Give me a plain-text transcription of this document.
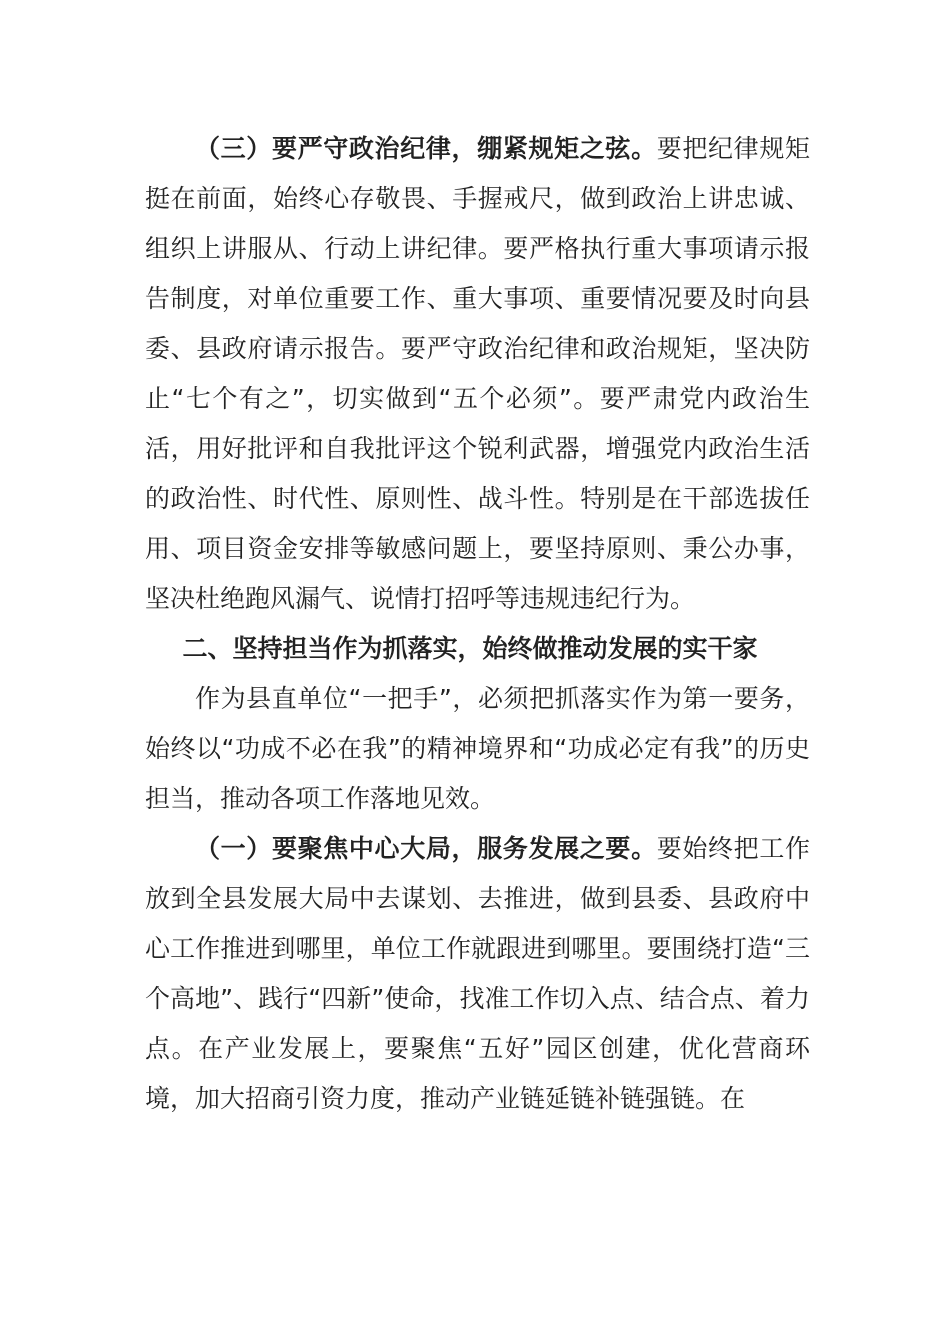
（三）要严守政治纪律，绷紧规矩之弦。要把纪律规矩挺在前面，始终心存敬畏、手握戒尺，做到政治上讲忠诚、组织上讲服从、行动上讲纪律。要严格执行重大事项请示报告制度，对单位重要工作、重大事项、重要情况要及时向县委、县政府请示报告。要严守政治纪律和政治规矩，坚决防止“七个有之”，切实做到“五个必须”。要严肃党内政治生活，用好批评和自我批评这个锐利武器，增强党内政治生活的政治性、时代性、原则性、战斗性。特别是在干部选拔任用、项目资金安排等敏感问题上，要坚持原则、秉公办事，坚决杜绝跑风漏气、说情打招呼等违规违纪行为。

二、坚持担当作为抓落实，始终做推动发展的实干家

作为县直单位“一把手”，必须把抓落实作为第一要务，始终以“功成不必在我”的精神境界和“功成必定有我”的历史担当，推动各项工作落地见效。

（一）要聚焦中心大局，服务发展之要。要始终把工作放到全县发展大局中去谋划、去推进，做到县委、县政府中心工作推进到哪里，单位工作就跟进到哪里。要围绕打造“三个高地”、践行“四新”使命，找准工作切入点、结合点、着力点。在产业发展上，要聚焦“五好”园区创建，优化营商环境，加大招商引资力度，推动产业链延链补链强链。在
